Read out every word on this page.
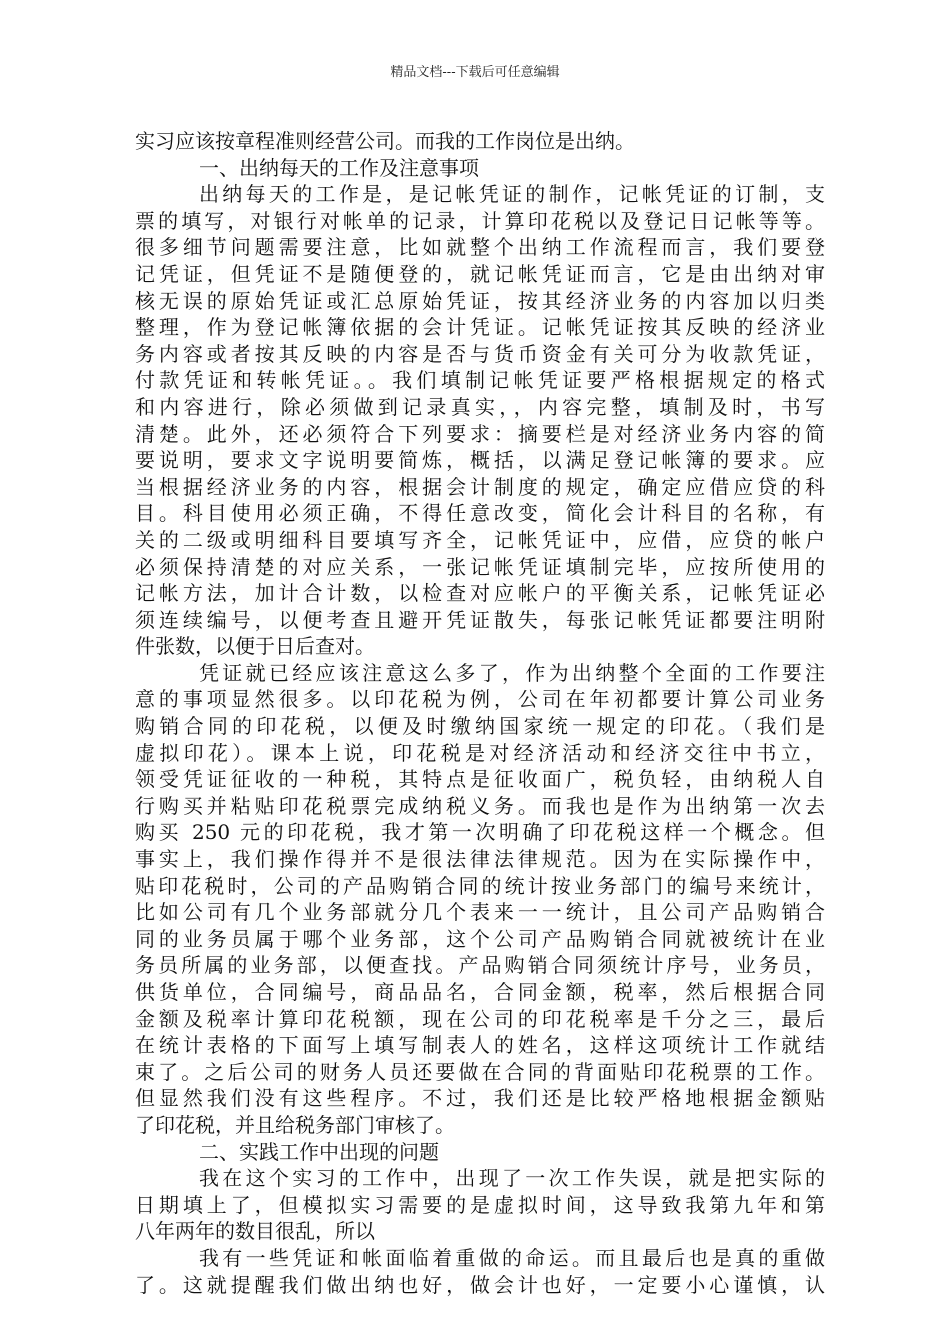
精品文档---下载后可任意编辑
实习应该按章程准则经营公司。而我的工作岗位是出纳。
一、出纳每天的工作及注意事项
出纳每天的工作是，是记帐凭证的制作，记帐凭证的订制，支
票的填写，对银行对帐单的记录，计算印花税以及登记日记帐等等。
很多细节问题需要注意，比如就整个出纳工作流程而言，我们要登
记凭证，但凭证不是随便登的，就记帐凭证而言，它是由出纳对审
核无误的原始凭证或汇总原始凭证，按其经济业务的内容加以归类
整理，作为登记帐簿依据的会计凭证。记帐凭证按其反映的经济业
务内容或者按其反映的内容是否与货币资金有关可分为收款凭证，
付款凭证和转帐凭证。。我们填制记帐凭证要严格根据规定的格式
和内容进行，除必须做到记录真实，，内容完整，填制及时，书写
清楚。此外，还必须符合下列要求：摘要栏是对经济业务内容的简
要说明，要求文字说明要简炼，概括，以满足登记帐簿的要求。应
当根据经济业务的内容，根据会计制度的规定，确定应借应贷的科
目。科目使用必须正确，不得任意改变，简化会计科目的名称，有
关的二级或明细科目要填写齐全，记帐凭证中，应借，应贷的帐户
必须保持清楚的对应关系，一张记帐凭证填制完毕，应按所使用的
记帐方法，加计合计数，以检查对应帐户的平衡关系，记帐凭证必
须连续编号，以便考查且避开凭证散失，每张记帐凭证都要注明附
件张数，以便于日后查对。
凭证就已经应该注意这么多了，作为出纳整个全面的工作要注
意的事项显然很多。以印花税为例，公司在年初都要计算公司业务
购销合同的印花税，以便及时缴纳国家统一规定的印花。（我们是
虚拟印花）。课本上说，印花税是对经济活动和经济交往中书立，
领受凭证征收的一种税，其特点是征收面广，税负轻，由纳税人自
行购买并粘贴印花税票完成纳税义务。而我也是作为出纳第一次去
购买 250 元的印花税，我才第一次明确了印花税这样一个概念。但
事实上，我们操作得并不是很法律法律规范。因为在实际操作中，
贴印花税时，公司的产品购销合同的统计按业务部门的编号来统计，
比如公司有几个业务部就分几个表来一一统计，且公司产品购销合
同的业务员属于哪个业务部，这个公司产品购销合同就被统计在业
务员所属的业务部，以便查找。产品购销合同须统计序号，业务员，
供货单位，合同编号，商品品名，合同金额，税率，然后根据合同
金额及税率计算印花税额，现在公司的印花税率是千分之三，最后
在统计表格的下面写上填写制表人的姓名，这样这项统计工作就结
束了。之后公司的财务人员还要做在合同的背面贴印花税票的工作。
但显然我们没有这些程序。不过，我们还是比较严格地根据金额贴
了印花税，并且给税务部门审核了。
二、实践工作中出现的问题
我在这个实习的工作中，出现了一次工作失误，就是把实际的
日期填上了，但模拟实习需要的是虚拟时间，这导致我第九年和第
八年两年的数目很乱，所以
我有一些凭证和帐面临着重做的命运。而且最后也是真的重做
了。这就提醒我们做出纳也好，做会计也好，一定要小心谨慎，认
